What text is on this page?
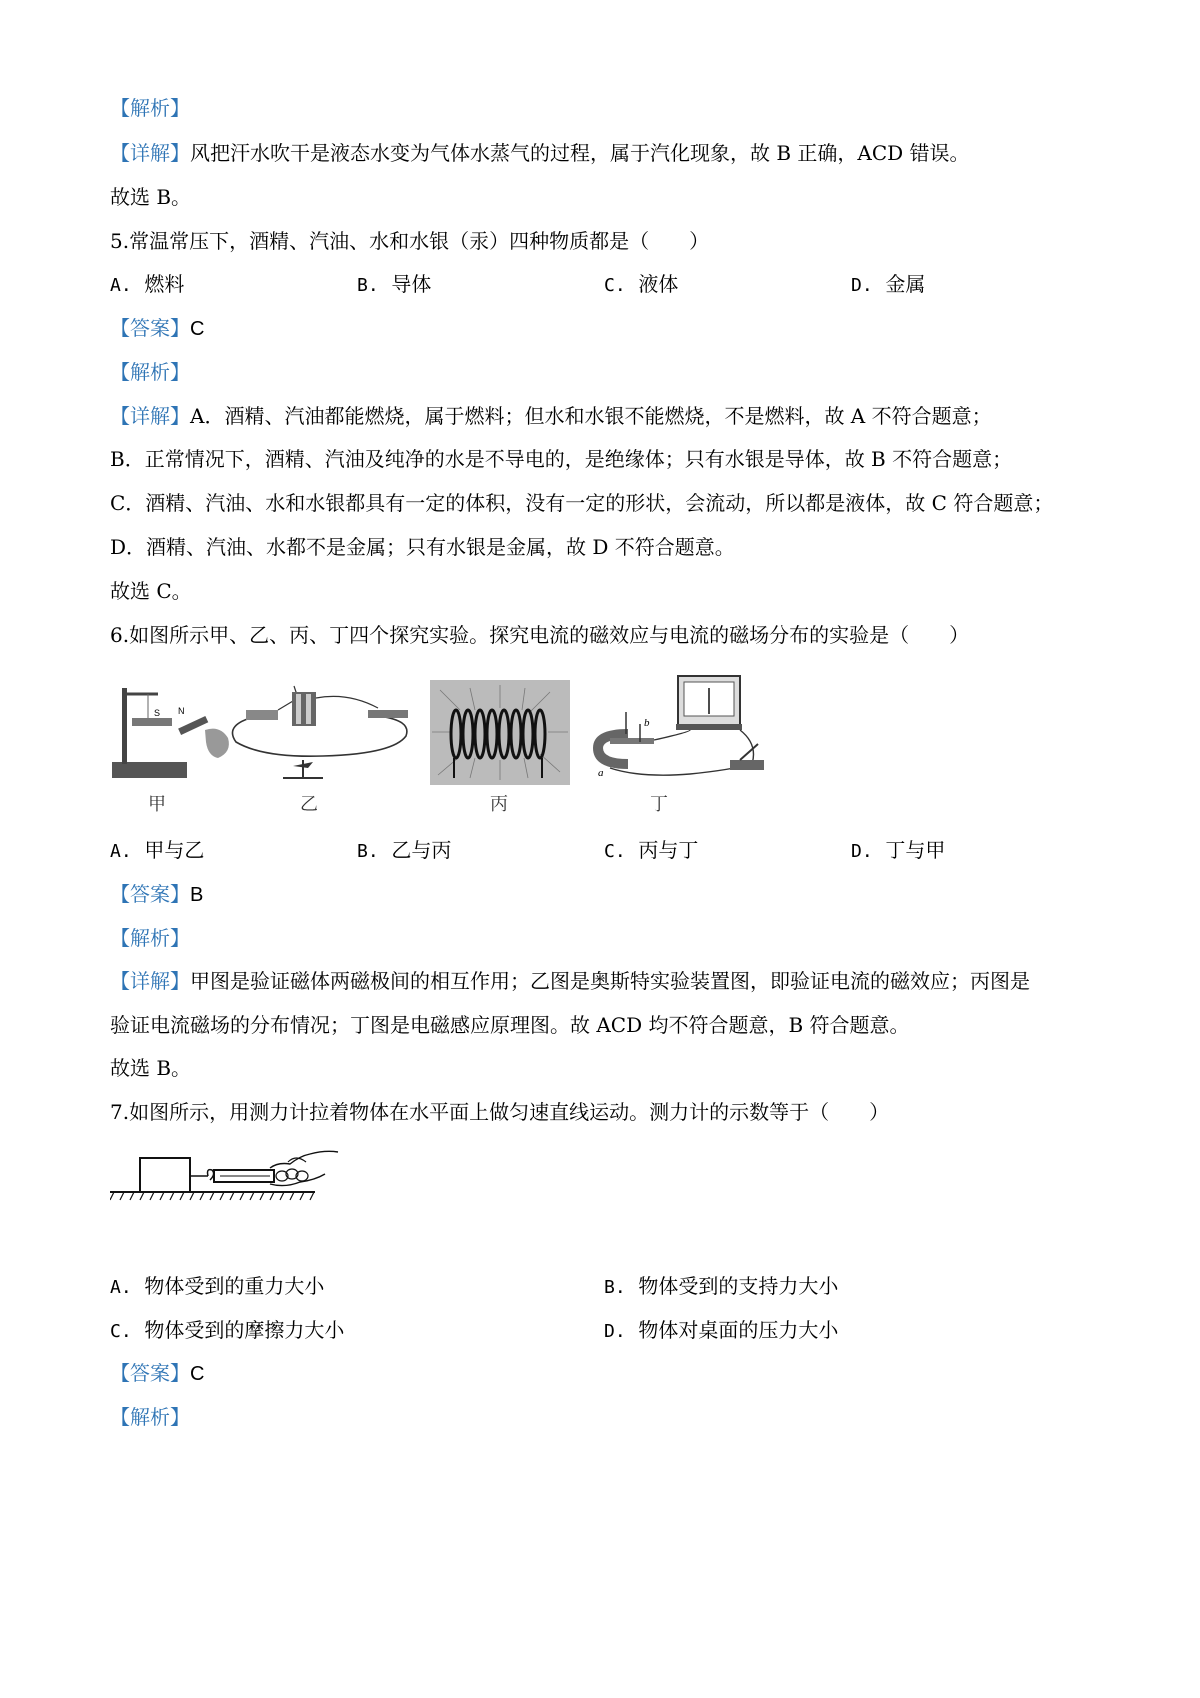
【解析】
【详解】风把汗水吹干是液态水变为气体水蒸气的过程，属于汽化现象，故 B 正确，ACD 错误。
故选 B。
5.常温常压下，酒精、汽油、水和水银（汞）四种物质都是（　　）
A. 燃料	B. 导体	C. 液体	D. 金属
【答案】C
【解析】
【详解】A．酒精、汽油都能燃烧，属于燃料；但水和水银不能燃烧，不是燃料，故 A 不符合题意；
B．正常情况下，酒精、汽油及纯净的水是不导电的，是绝缘体；只有水银是导体，故 B 不符合题意；
C．酒精、汽油、水和水银都具有一定的体积，没有一定的形状，会流动，所以都是液体，故 C 符合题意；
D．酒精、汽油、水都不是金属；只有水银是金属，故 D 不符合题意。
故选 C。
6.如图所示甲、乙、丙、丁四个探究实验。探究电流的磁效应与电流的磁场分布的实验是（　　）
S N
甲	乙	丙
b
a
丁
A. 甲与乙	B. 乙与丙	C. 丙与丁	D. 丁与甲
【答案】B
【解析】
【详解】甲图是验证磁体两磁极间的相互作用；乙图是奥斯特实验装置图，即验证电流的磁效应；丙图是
验证电流磁场的分布情况；丁图是电磁感应原理图。故 ACD 均不符合题意，B 符合题意。
故选 B。
7.如图所示，用测力计拉着物体在水平面上做匀速直线运动。测力计的示数等于（　　）
A. 物体受到的重力大小	B. 物体受到的支持力大小
C. 物体受到的摩擦力大小	D. 物体对桌面的压力大小
【答案】C
【解析】
